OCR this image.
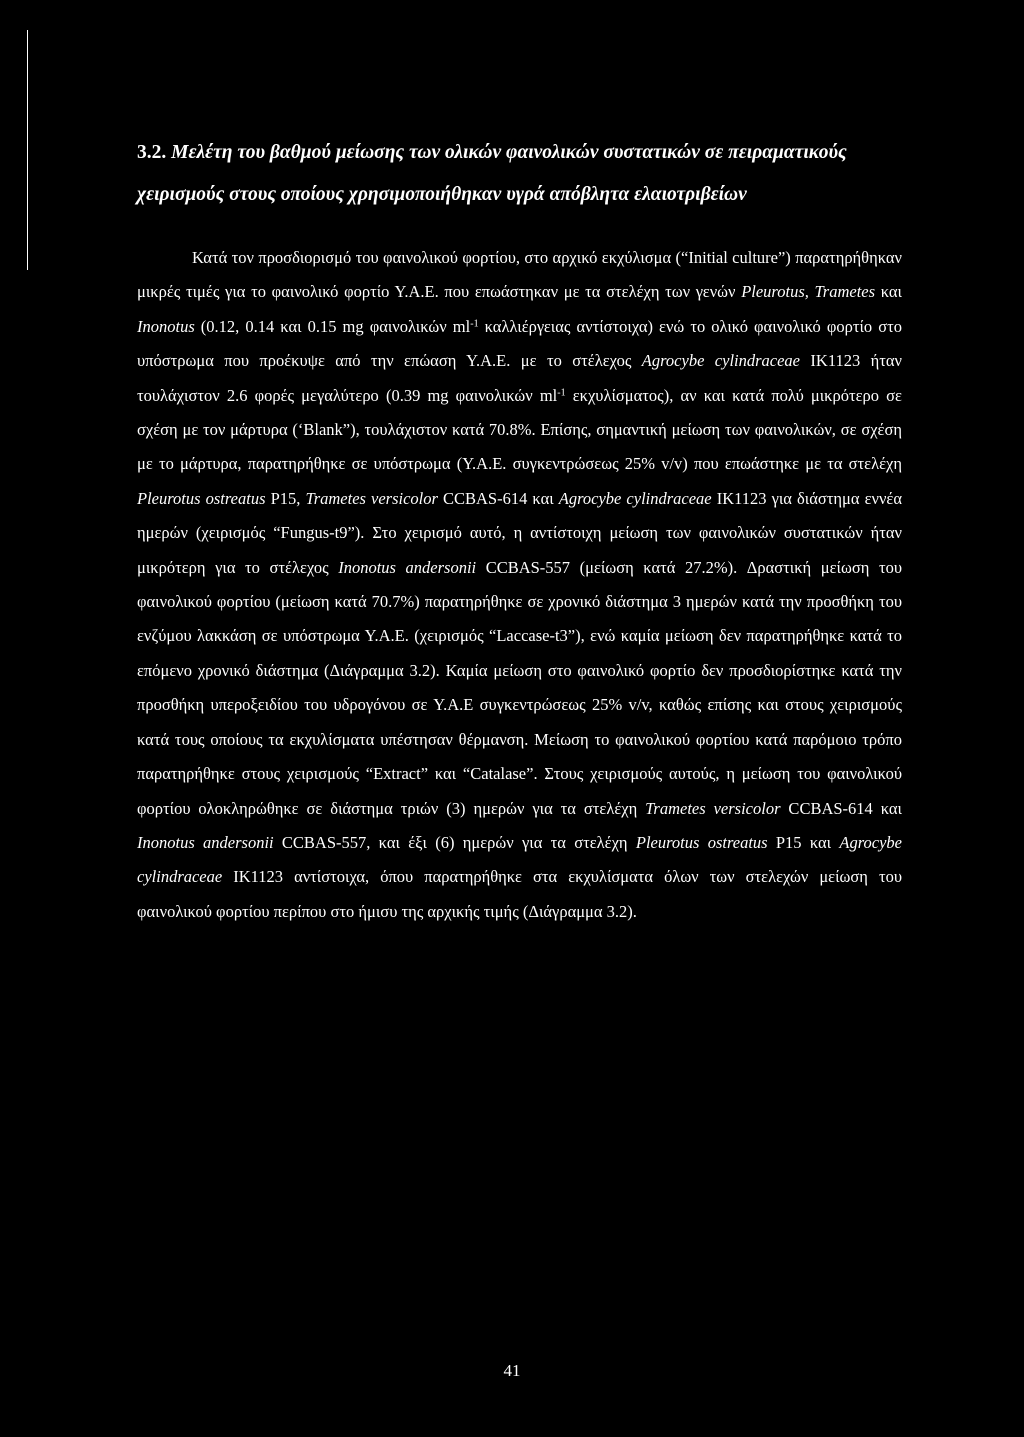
3.2. Μελέτη του βαθμού μείωσης των ολικών φαινολικών συστατικών σε πειραματικούς χειρισμούς στους οποίους χρησιμοποιήθηκαν υγρά απόβλητα ελαιοτριβείων

Κατά τον προσδιορισμό του φαινολικού φορτίου, στο αρχικό εκχύλισμα (“Initial culture”) παρατηρήθηκαν μικρές τιμές για το φαινολικό φορτίο Υ.Α.Ε. που επωάστηκαν με τα στελέχη των γενών Pleurotus, Trametes και Inonotus (0.12, 0.14 και 0.15 mg φαινολικών $ml^{-1}$ καλλιέργειας αντίστοιχα) ενώ το ολικό φαινολικό φορτίο στο υπόστρωμα που προέκυψε από την επώαση Υ.Α.Ε. με το στέλεχος Agrocybe cylindraceae IK1123 ήταν τουλάχιστον 2.6 φορές μεγαλύτερο (0.39 mg φαινολικών $ml^{-1}$ εκχυλίσματος), αν και κατά πολύ μικρότερο σε σχέση με τον μάρτυρα (‘Blank”), τουλάχιστον κατά 70.8%. Επίσης, σημαντική μείωση των φαινολικών, σε σχέση με το μάρτυρα, παρατηρήθηκε σε υπόστρωμα (Υ.Α.Ε. συγκεντρώσεως 25% v/v) που επωάστηκε με τα στελέχη Pleurotus ostreatus P15, Trametes versicolor CCBAS-614 και Agrocybe cylindraceae IK1123 για διάστημα εννέα ημερών (χειρισμός “Fungus-t9”). Στο χειρισμό αυτό, η αντίστοιχη μείωση των φαινολικών συστατικών ήταν μικρότερη για το στέλεχος Inonotus andersonii CCBAS-557 (μείωση κατά 27.2%). Δραστική μείωση του φαινολικού φορτίου (μείωση κατά 70.7%) παρατηρήθηκε σε χρονικό διάστημα 3 ημερών κατά την προσθήκη του ενζύμου λακκάση σε υπόστρωμα Υ.Α.Ε. (χειρισμός “Laccase-t3”), ενώ καμία μείωση δεν παρατηρήθηκε κατά το επόμενο χρονικό διάστημα (Διάγραμμα 3.2). Καμία μείωση στο φαινολικό φορτίο δεν προσδιορίστηκε κατά την προσθήκη υπεροξειδίου του υδρογόνου σε Υ.Α.Ε συγκεντρώσεως 25% v/v, καθώς επίσης και στους χειρισμούς κατά τους οποίους τα εκχυλίσματα υπέστησαν θέρμανση. Μείωση το φαινολικού φορτίου κατά παρόμοιο τρόπο παρατηρήθηκε στους χειρισμούς “Extract” και “Catalase”. Στους χειρισμούς αυτούς, η μείωση του φαινολικού φορτίου ολοκληρώθηκε σε διάστημα τριών (3) ημερών για τα στελέχη Trametes versicolor CCBAS-614 και Inonotus andersonii CCBAS-557, και έξι (6) ημερών για τα στελέχη Pleurotus ostreatus P15 και Agrocybe cylindraceae IK1123 αντίστοιχα, όπου παρατηρήθηκε στα εκχυλίσματα όλων των στελεχών μείωση του φαινολικού φορτίου περίπου στο ήμισυ της αρχικής τιμής (Διάγραμμα 3.2).

41
